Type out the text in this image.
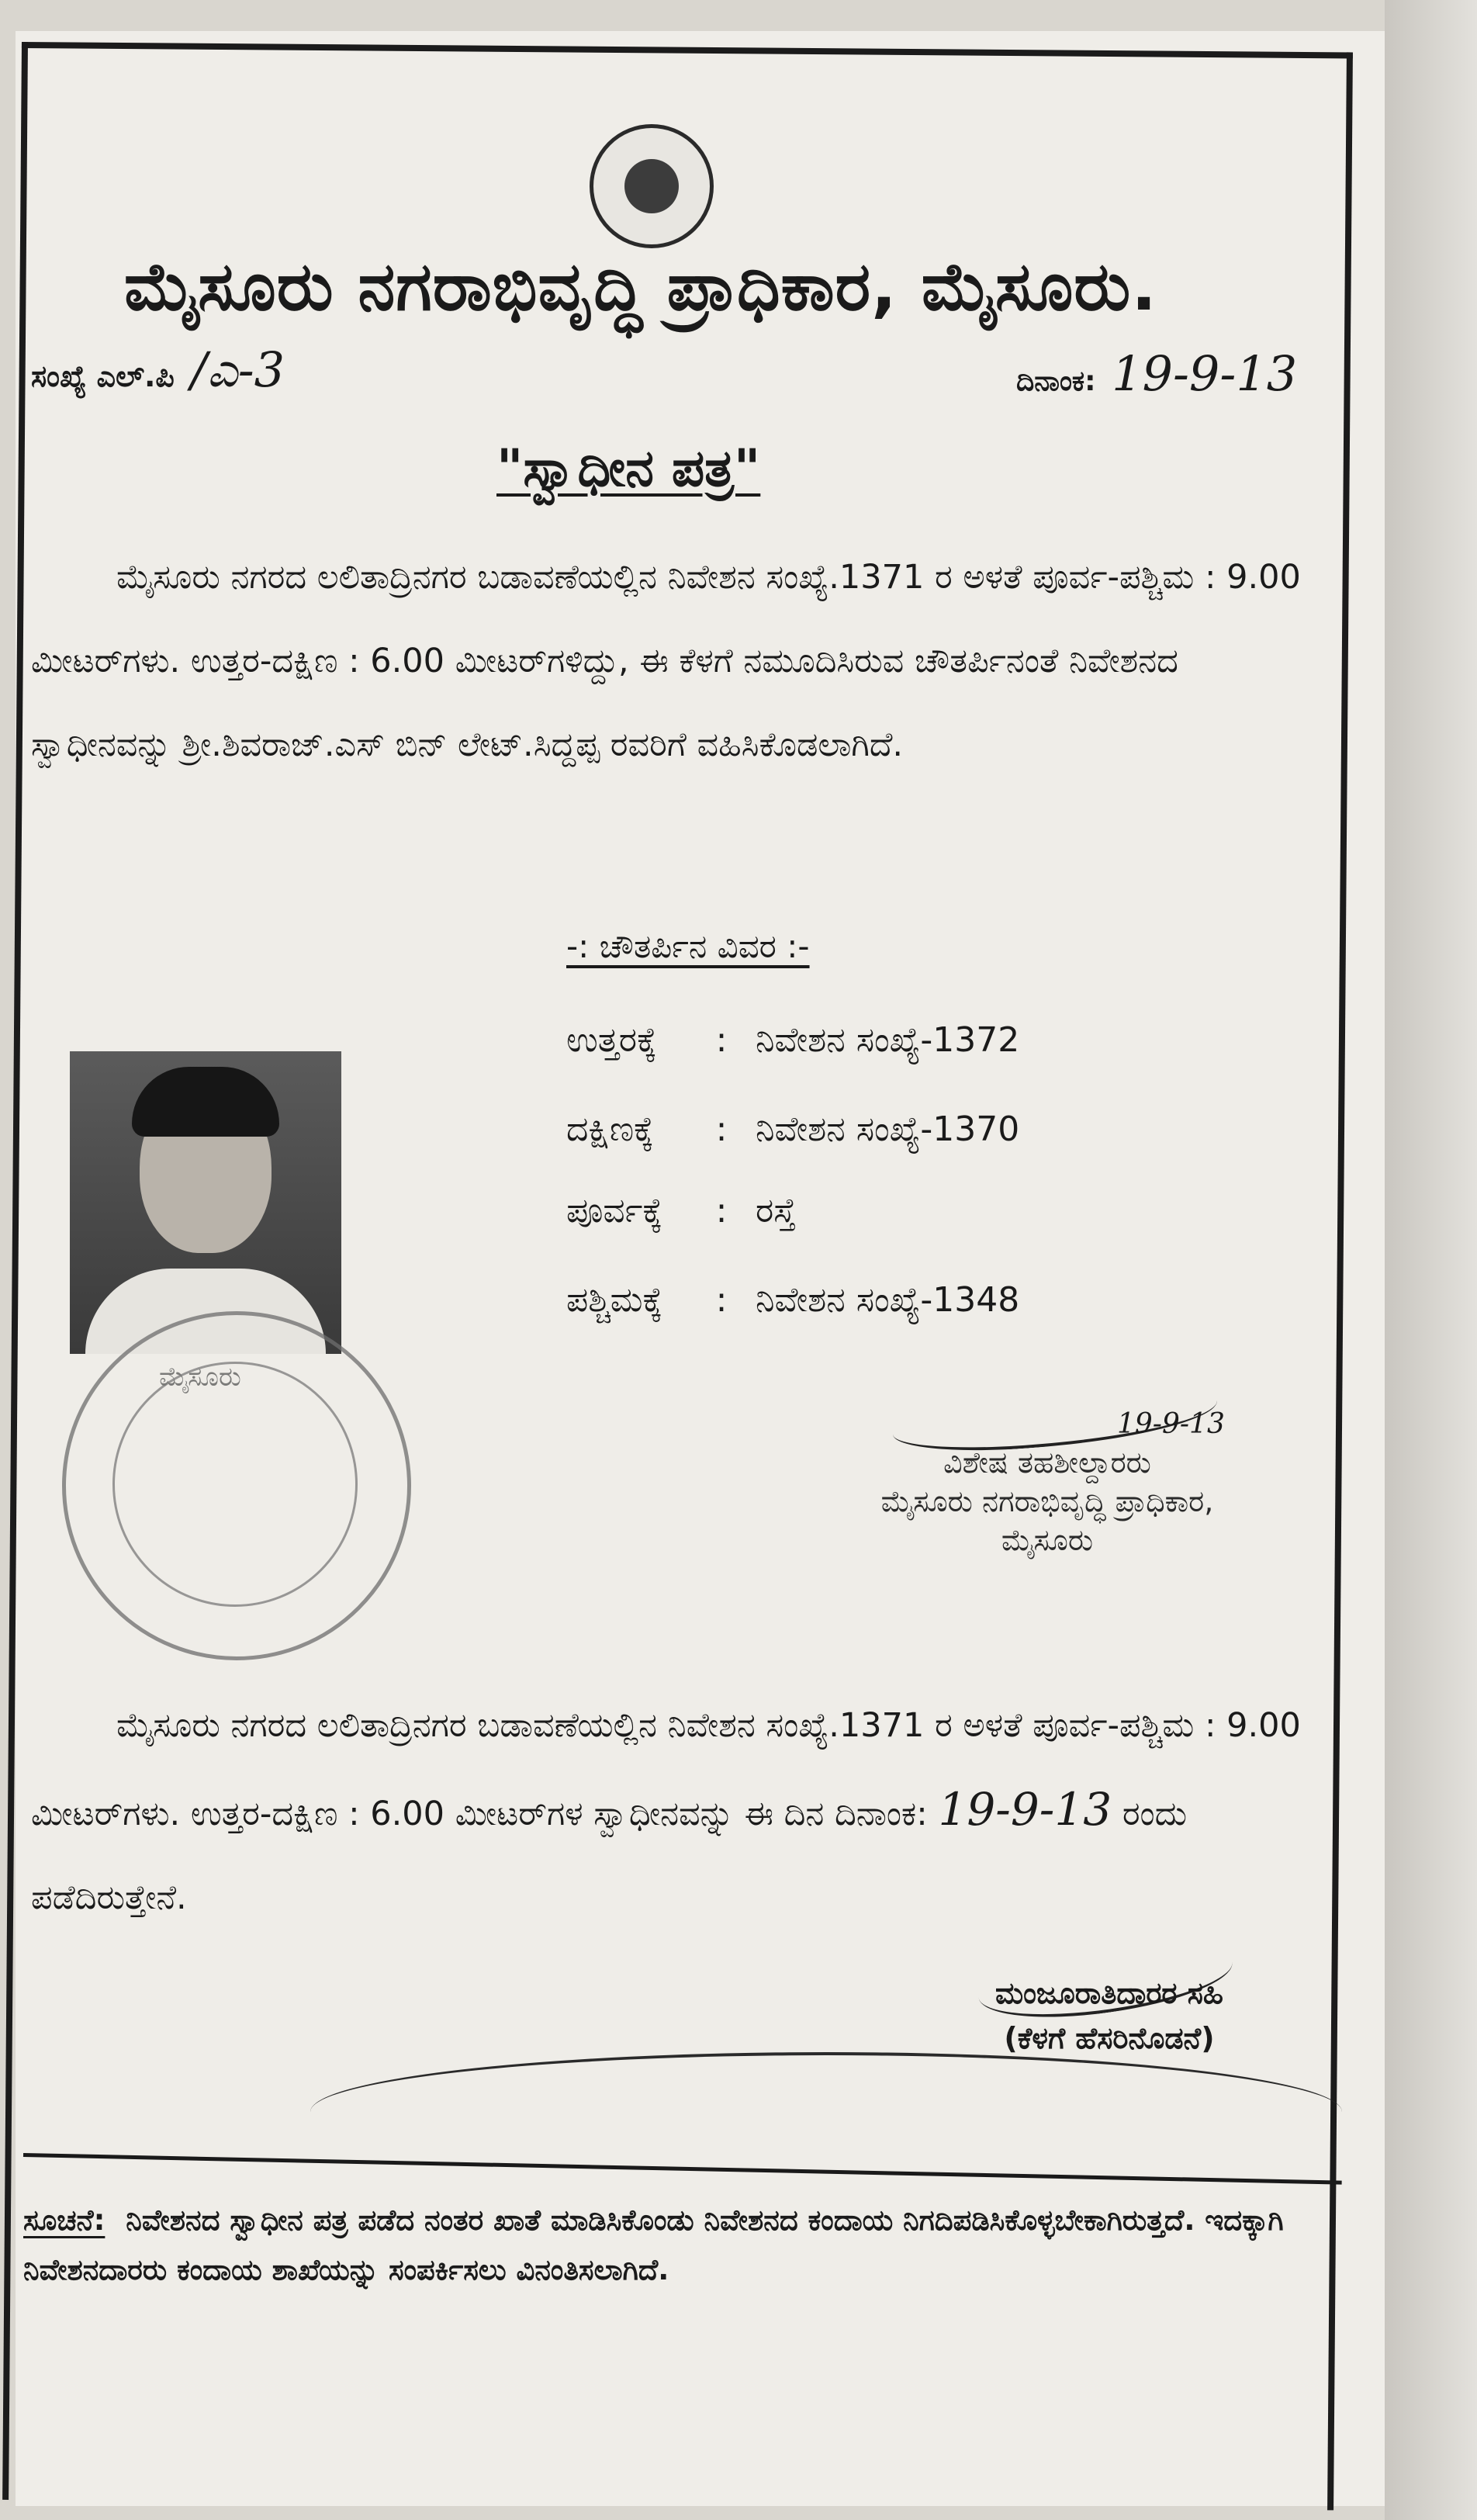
ಮೈಸೂರು ನಗರಾಭಿವೃದ್ಧಿ ಪ್ರಾಧಿಕಾರ, ಮೈಸೂರು.
ಸಂಖ್ಯೆ ಎಲ್.ಪಿ /ಎ-3	ದಿನಾಂಕ: 19-9-13
"ಸ್ವಾಧೀನ ಪತ್ರ"
ಮೈಸೂರು ನಗರದ ಲಲಿತಾದ್ರಿನಗರ ಬಡಾವಣೆಯಲ್ಲಿನ ನಿವೇಶನ ಸಂಖ್ಯೆ.1371 ರ ಅಳತೆ ಪೂರ್ವ-ಪಶ್ಚಿಮ : 9.00 ಮೀಟರ್‌ಗಳು. ಉತ್ತರ-ದಕ್ಷಿಣ : 6.00 ಮೀಟರ್‌ಗಳಿದ್ದು, ಈ ಕೆಳಗೆ ನಮೂದಿಸಿರುವ ಚೌತರ್ಪಿನಂತೆ ನಿವೇಶನದ ಸ್ವಾಧೀನವನ್ನು ಶ್ರೀ.ಶಿವರಾಜ್.ಎಸ್ ಬಿನ್ ಲೇಟ್.ಸಿದ್ದಪ್ಪ ರವರಿಗೆ ವಹಿಸಿಕೊಡಲಾಗಿದೆ.
-: ಚೌತರ್ಪಿನ ವಿವರ :-
ಉತ್ತರಕ್ಕೆ : ನಿವೇಶನ ಸಂಖ್ಯೆ-1372
ದಕ್ಷಿಣಕ್ಕೆ : ನಿವೇಶನ ಸಂಖ್ಯೆ-1370
ಪೂರ್ವಕ್ಕೆ : ರಸ್ತೆ
ಪಶ್ಚಿಮಕ್ಕೆ : ನಿವೇಶನ ಸಂಖ್ಯೆ-1348
ಮೈಸೂರು
19-9-13
ವಿಶೇಷ ತಹಶೀಲ್ದಾರರು
ಮೈಸೂರು ನಗರಾಭಿವೃದ್ಧಿ ಪ್ರಾಧಿಕಾರ,
ಮೈಸೂರು
ಮೈಸೂರು ನಗರದ ಲಲಿತಾದ್ರಿನಗರ ಬಡಾವಣೆಯಲ್ಲಿನ ನಿವೇಶನ ಸಂಖ್ಯೆ.1371 ರ ಅಳತೆ ಪೂರ್ವ-ಪಶ್ಚಿಮ : 9.00 ಮೀಟರ್‌ಗಳು. ಉತ್ತರ-ದಕ್ಷಿಣ : 6.00 ಮೀಟರ್‌ಗಳ ಸ್ವಾಧೀನವನ್ನು ಈ ದಿನ ದಿನಾಂಕ: 19-9-13 ರಂದು ಪಡೆದಿರುತ್ತೇನೆ.
ಮಂಜೂರಾತಿದಾರರ ಸಹಿ
(ಕೆಳಗೆ ಹೆಸರಿನೊಡನೆ)
ಸೂಚನೆ: ನಿವೇಶನದ ಸ್ವಾಧೀನ ಪತ್ರ ಪಡೆದ ನಂತರ ಖಾತೆ ಮಾಡಿಸಿಕೊಂಡು ನಿವೇಶನದ ಕಂದಾಯ ನಿಗದಿಪಡಿಸಿಕೊಳ್ಳಬೇಕಾಗಿರುತ್ತದೆ. ಇದಕ್ಕಾಗಿ ನಿವೇಶನದಾರರು ಕಂದಾಯ ಶಾಖೆಯನ್ನು ಸಂಪರ್ಕಿಸಲು ವಿನಂತಿಸಲಾಗಿದೆ.
